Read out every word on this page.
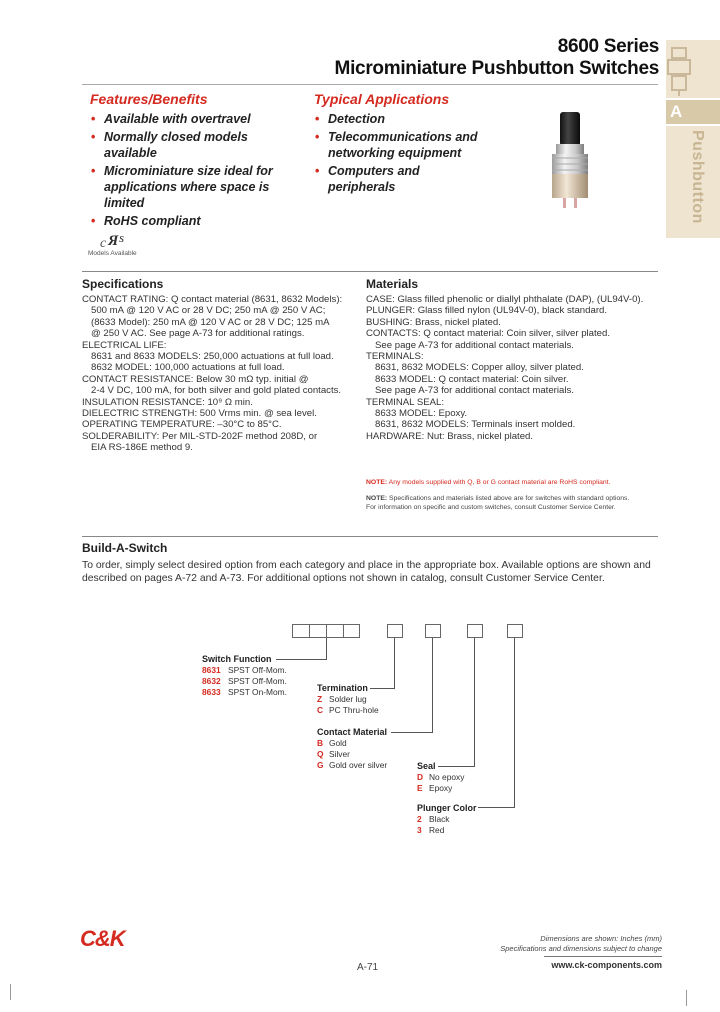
8600 Series
Microminiature Pushbutton Switches
A
Pushbutton
Features/Benefits
• Available with overtravel
• Normally closed models available
• Microminiature size ideal for applications where space is limited
• RoHS compliant
Typical Applications
• Detection
• Telecommunications and networking equipment
• Computers and peripherals
c Я s
Models Available
Specifications

CONTACT RATING: Q contact material (8631, 8632 Models):

500 mA @ 120 V AC or 28 V DC; 250 mA @ 250 V AC;

(8633 Model): 250 mA @ 120 V AC or 28 V DC; 125 mA

@ 250 V AC. See page A-73 for additional ratings.

ELECTRICAL LIFE:

8631 and 8633 MODELS: 250,000 actuations at full load.

8632 MODEL: 100,000 actuations at full load.

CONTACT RESISTANCE: Below 30 mΩ typ. initial @

2-4 V DC, 100 mA, for both silver and gold plated contacts.

INSULATION RESISTANCE: 10⁹ Ω min.

DIELECTRIC STRENGTH: 500 Vrms min. @ sea level.

OPERATING TEMPERATURE: –30°C to 85°C.

SOLDERABILITY: Per MIL-STD-202F method 208D, or

EIA RS-186E method 9.

Materials

CASE: Glass filled phenolic or diallyl phthalate (DAP), (UL94V-0).

PLUNGER: Glass filled nylon (UL94V-0), black standard.

BUSHING: Brass, nickel plated.

CONTACTS: Q contact material: Coin silver, silver plated.

See page A-73 for additional contact materials.

TERMINALS:

8631, 8632 MODELS: Copper alloy, silver plated.

8633 MODEL: Q contact material: Coin silver.

See page A-73 for additional contact materials.

TERMINAL SEAL:

8633 MODEL: Epoxy.

8631, 8632 MODELS: Terminals insert molded.

HARDWARE: Nut: Brass, nickel plated.

NOTE: Any models supplied with Q, B or G contact material are RoHS compliant.
NOTE: Specifications and materials listed above are for switches with standard options.
For information on specific and custom switches, consult Customer Service Center.
Build-A-Switch
To order, simply select desired option from each category and place in the appropriate box. Available options are shown and described on pages A-72 and A-73. For additional options not shown in catalog, consult Customer Service Center.
Switch Function
8631 SPST Off-Mom.
8632 SPST Off-Mom.
8633 SPST On-Mom.	Termination
Z Solder lug
C PC Thru-hole
Contact Material
B Gold
Q Silver
G Gold over silver	Seal
D No epoxy
E Epoxy
Plunger Color
2 Black
3 Red
C&K
A-71
Dimensions are shown: Inches (mm)
Specifications and dimensions subject to change
www.ck-components.com
